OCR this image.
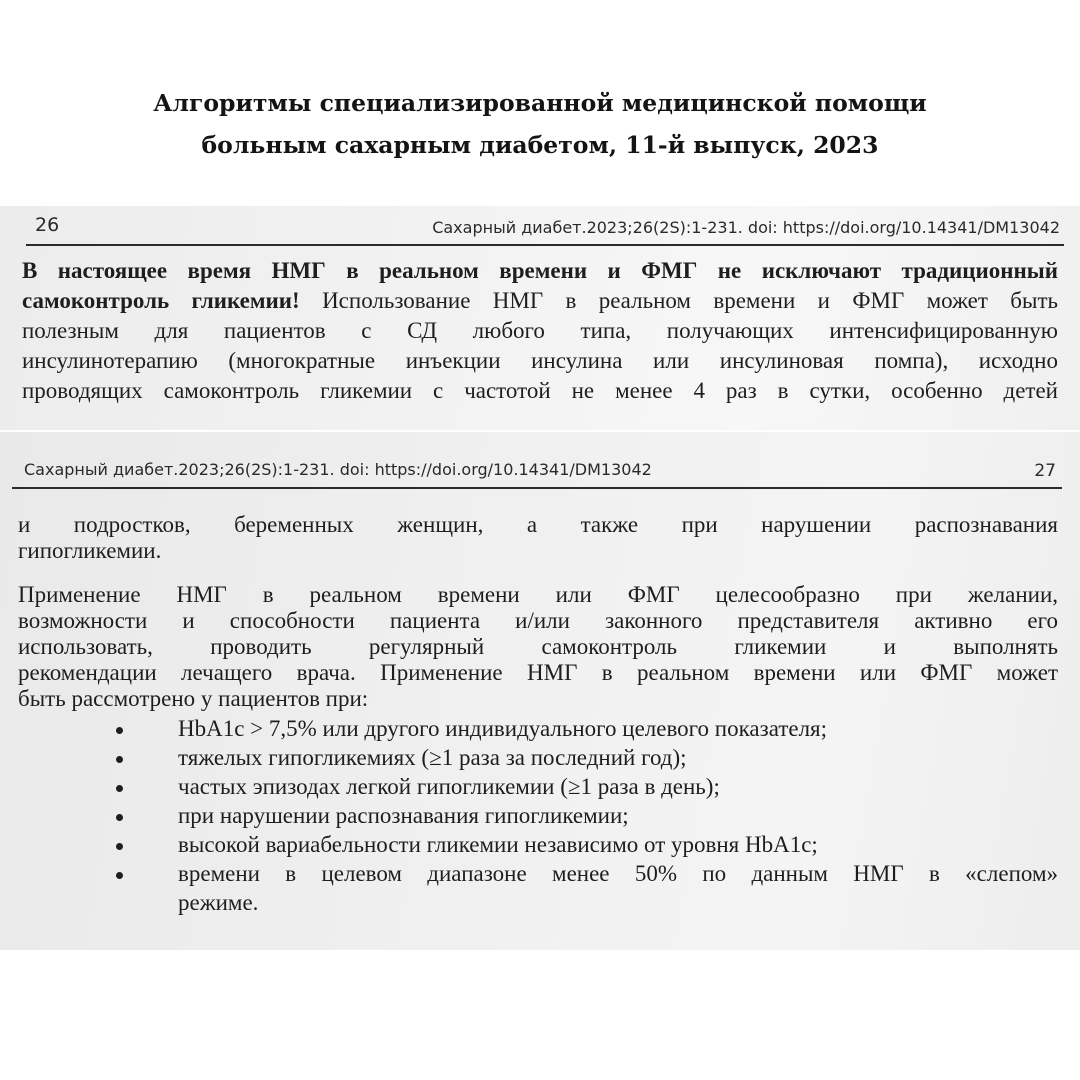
Алгоритмы специализированной медицинской помощи
больным сахарным диабетом, 11-й выпуск, 2023
26	Сахарный диабет.2023;26(2S):1-231. doi: https://doi.org/10.14341/DM13042
В настоящее время НМГ в реальном времени и ФМГ не исключают традиционный
самоконтроль гликемии! Использование НМГ в реальном времени и ФМГ может быть
полезным для пациентов с СД любого типа, получающих интенсифицированную
инсулинотерапию (многократные инъекции инсулина или инсулиновая помпа), исходно
проводящих самоконтроль гликемии с частотой не менее 4 раз в сутки, особенно детей
Сахарный диабет.2023;26(2S):1-231. doi: https://doi.org/10.14341/DM13042	27
и подростков, беременных женщин, а также при нарушении распознавания
гипогликемии.
Применение НМГ в реальном времени или ФМГ целесообразно при желании,
возможности и способности пациента и/или законного представителя активно его
использовать, проводить регулярный самоконтроль гликемии и выполнять
рекомендации лечащего врача. Применение НМГ в реальном времени или ФМГ может
быть рассмотрено у пациентов при:
HbA1c > 7,5% или другого индивидуального целевого показателя;
тяжелых гипогликемиях (≥1 раза за последний год);
частых эпизодах легкой гипогликемии (≥1 раза в день);
при нарушении распознавания гипогликемии;
высокой вариабельности гликемии независимо от уровня HbA1c;
времени в целевом диапазоне менее 50% по данным НМГ в «слепом»
режиме.
